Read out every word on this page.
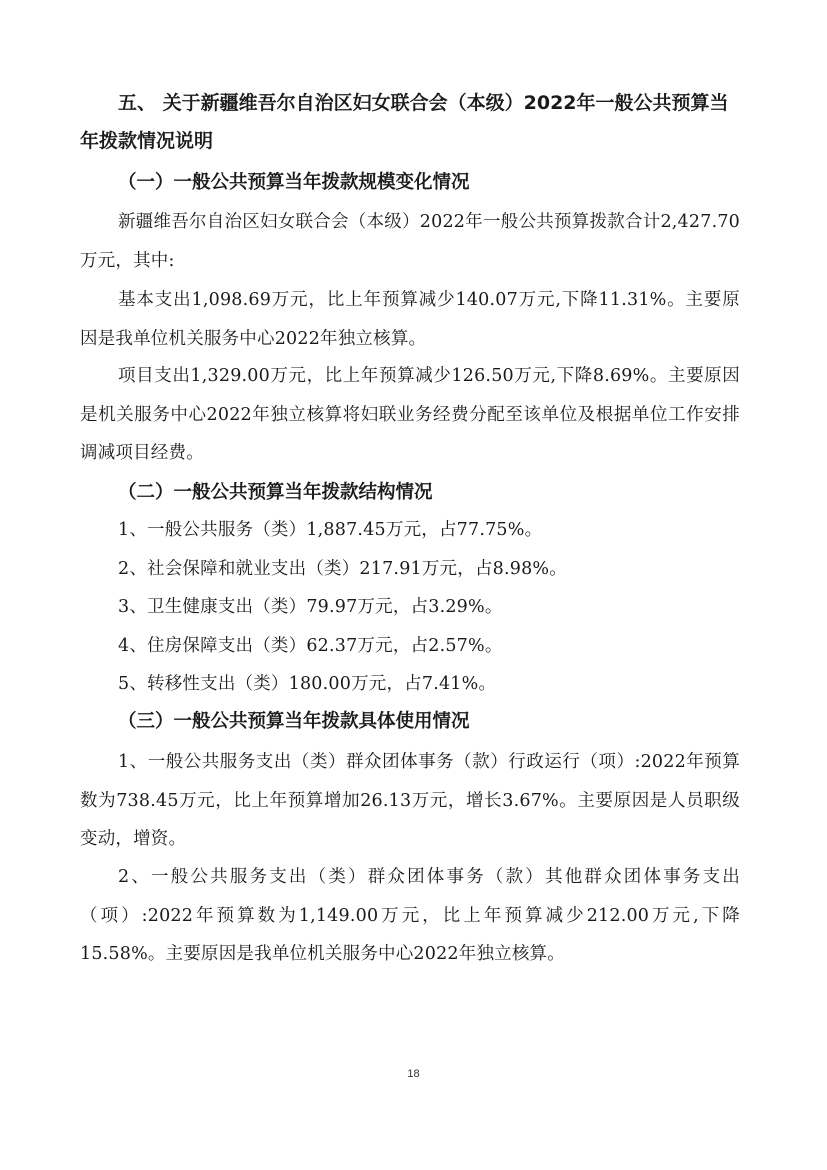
五、 关于新疆维吾尔自治区妇女联合会（本级）2022年一般公共预算当年拨款情况说明
（一）一般公共预算当年拨款规模变化情况

新疆维吾尔自治区妇女联合会（本级）2022年一般公共预算拨款合计2,427.70万元，其中:

基本支出1,098.69万元，比上年预算减少140.07万元,下降11.31%。主要原因是我单位机关服务中心2022年独立核算。

项目支出1,329.00万元，比上年预算减少126.50万元,下降8.69%。主要原因是机关服务中心2022年独立核算将妇联业务经费分配至该单位及根据单位工作安排调减项目经费。

（二）一般公共预算当年拨款结构情况

1、一般公共服务（类）1,887.45万元，占77.75%。

2、社会保障和就业支出（类）217.91万元，占8.98%。

3、卫生健康支出（类）79.97万元，占3.29%。

4、住房保障支出（类）62.37万元，占2.57%。

5、转移性支出（类）180.00万元，占7.41%。

（三）一般公共预算当年拨款具体使用情况

1、一般公共服务支出（类）群众团体事务（款）行政运行（项）:2022年预算数为738.45万元，比上年预算增加26.13万元，增长3.67%。主要原因是人员职级变动，增资。

2、一般公共服务支出（类）群众团体事务（款）其他群众团体事务支出（项）:2022年预算数为1,149.00万元，比上年预算减少212.00万元,下降15.58%。主要原因是我单位机关服务中心2022年独立核算。

18
